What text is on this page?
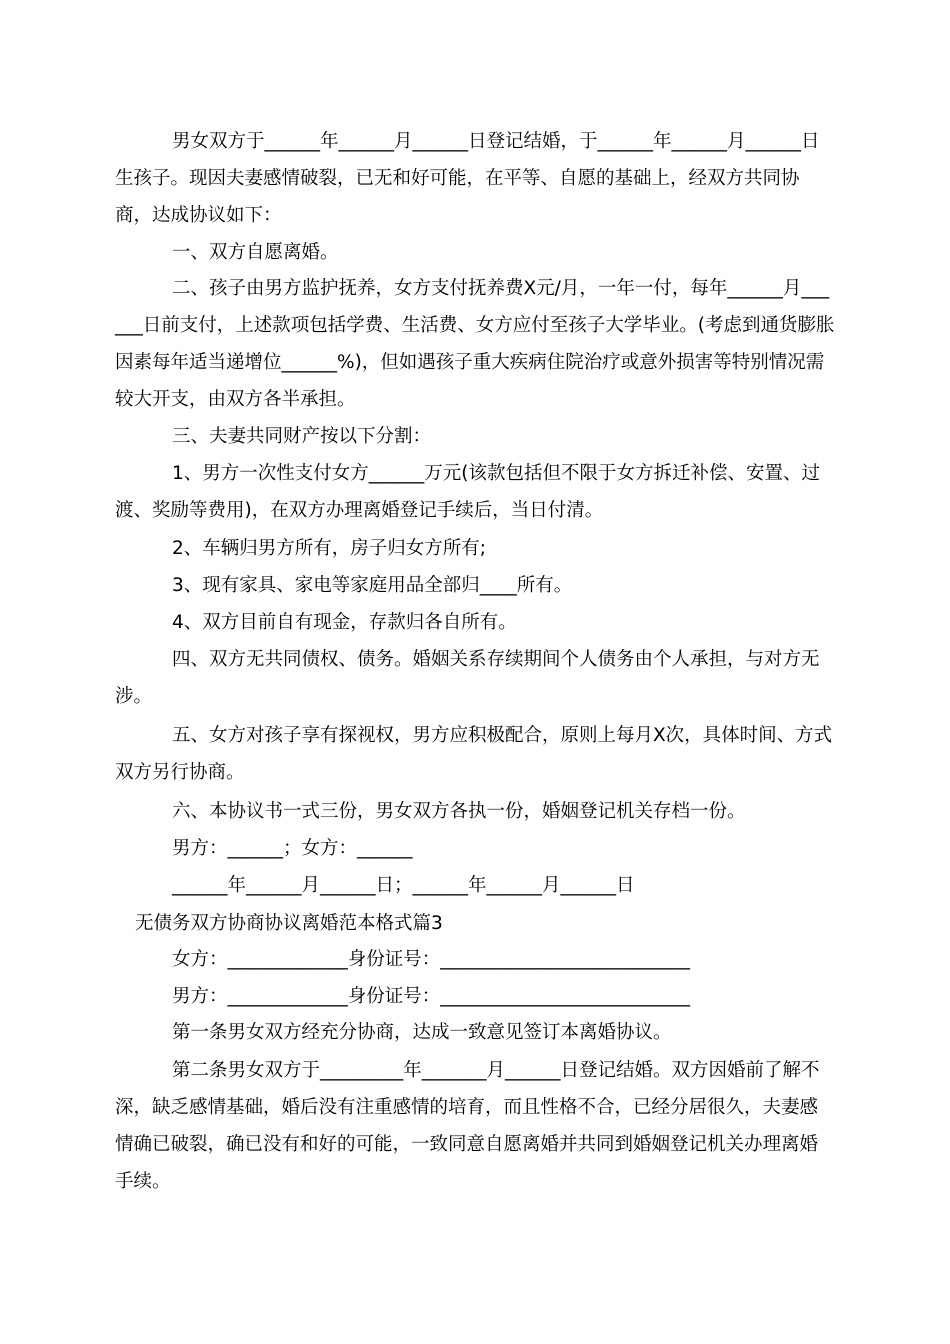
男女双方于______年______月______日登记结婚，于______年______月______日生孩子。现因夫妻感情破裂，已无和好可能，在平等、自愿的基础上，经双方共同协商，达成协议如下：

一、双方自愿离婚。

二、孩子由男方监护抚养，女方支付抚养费X元/月，一年一付，每年______月______日前支付，上述款项包括学费、生活费、女方应付至孩子大学毕业。(考虑到通货膨胀因素每年适当递增位______%)，但如遇孩子重大疾病住院治疗或意外损害等特别情况需较大开支，由双方各半承担。

三、夫妻共同财产按以下分割：

1、男方一次性支付女方______万元(该款包括但不限于女方拆迁补偿、安置、过渡、奖励等费用)，在双方办理离婚登记手续后，当日付清。

2、车辆归男方所有，房子归女方所有;

3、现有家具、家电等家庭用品全部归____所有。

4、双方目前自有现金，存款归各自所有。

四、双方无共同债权、债务。婚姻关系存续期间个人债务由个人承担，与对方无涉。

五、女方对孩子享有探视权，男方应积极配合，原则上每月X次，具体时间、方式双方另行协商。

六、本协议书一式三份，男女双方各执一份，婚姻登记机关存档一份。

男方：______；女方：______

______年______月______日；______年______月______日

无债务双方协商协议离婚范本格式篇3

女方：_____________身份证号：___________________________

男方：_____________身份证号：___________________________

第一条男女双方经充分协商，达成一致意见签订本离婚协议。

第二条男女双方于_________年_______月______日登记结婚。双方因婚前了解不深，缺乏感情基础，婚后没有注重感情的培育，而且性格不合，已经分居很久，夫妻感情确已破裂，确已没有和好的可能，一致同意自愿离婚并共同到婚姻登记机关办理离婚手续。
